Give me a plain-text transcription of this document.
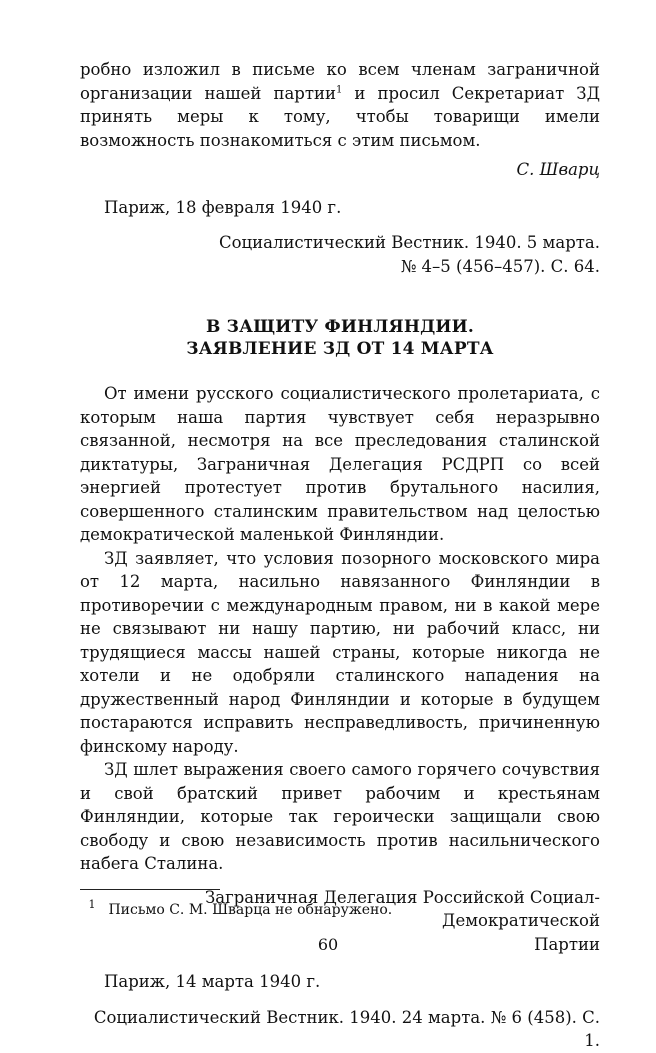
робно изложил в письме ко всем членам заграничной организации нашей партии$^1$ и просил Секретариат ЗД принять меры к тому, чтобы товарищи имели возможность познакомиться с этим письмом.

С. Шварц
Париж, 18 февраля 1940 г.
Социалистический Вестник. 1940. 5 марта.
№ 4–5 (456–457). С. 64.
В ЗАЩИТУ ФИНЛЯНДИИ.
ЗАЯВЛЕНИЕ ЗД ОТ 14 МАРТА

От имени русского социалистического пролетариата, с которым наша партия чувствует себя неразрывно связанной, несмотря на все преследования сталинской диктатуры, Заграничная Делегация РСДРП со всей энергией протестует против брутального насилия, совершенного сталинским правительством над целостью демократической маленькой Финляндии.

ЗД заявляет, что условия позорного московского мира от 12 марта, насильно навязанного Финляндии в противоречии с международным правом, ни в какой мере не связывают ни нашу партию, ни рабочий класс, ни трудящиеся массы нашей страны, которые никогда не хотели и не одобряли сталинского нападения на дружественный народ Финляндии и которые в будущем постараются исправить несправедливость, причиненную финскому народу.

ЗД шлет выражения своего самого горячего сочувствия и свой братский привет рабочим и крестьянам Финляндии, которые так героически защищали свою свободу и свою независимость против насильнического набега Сталина.

Заграничная Делегация Российской Социал-Демократической
Партии
Париж, 14 марта 1940 г.
Социалистический Вестник. 1940. 24 марта. № 6 (458). С. 1.
1 Письмо С. М. Шварца не обнаружено.
60
